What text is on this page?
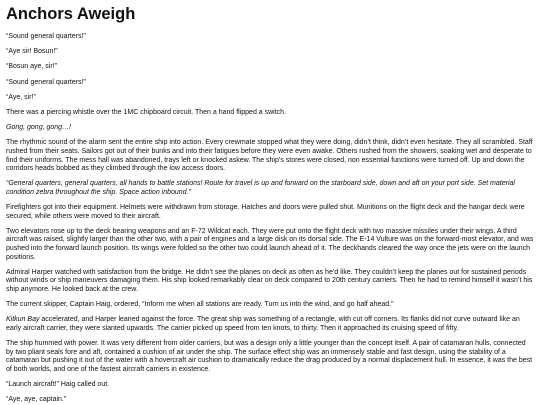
Anchors Aweigh

“Sound general quarters!”

“Aye sir! Bosun!”

“Bosun aye, sir!”

“Sound general quarters!”

“Aye, sir!”

There was a piercing whistle over the 1MC chipboard circuit. Then a hand flipped a switch.

Gong, gong, gong…!

The rhythmic sound of the alarm sent the entire ship into action. Every crewmate stopped what they were doing, didn’t think, didn’t even hesitate. They all scrambled. Staff rushed from their seats. Sailors got out of their bunks and into their fatigues before they were even awake. Others rushed from the showers, soaking wet and desperate to find their uniforms. The mess hall was abandoned, trays left or knocked askew. The ship’s stores were closed, non essential functions were turned off. Up and down the corridors heads bobbed as they climbed through the low access doors.

“General quarters, general quarters, all hands to battle stations! Route for travel is up and forward on the starboard side, down and aft on your port side. Set material condition zebra throughout the ship. Space action inbound.”

Firefighters got into their equipment. Helmets were withdrawn from storage. Hatches and doors were pulled shut. Munitions on the flight deck and the hangar deck were secured, while others were moved to their aircraft.

Two elevators rose up to the deck bearing weapons and an F-72 Wildcat each. They were put onto the flight deck with two massive missiles under their wings. A third aircraft was raised, slightly larger than the other two, with a pair of engines and a large disk on its dorsal side. The E-14 Vulture was on the forward-most elevator, and was pushed into the forward launch position. Its wings were folded so the other two could launch ahead of it. The deckhands cleared the way once the jets were on the launch positions.

Admiral Harper watched with satisfaction from the bridge. He didn’t see the planes on deck as often as he’d like. They couldn’t keep the planes out for sustained periods without winds or ship maneuvers damaging them. His ship looked remarkably clear on deck compared to 20th century carriers. Then he had to remind himself it wasn’t his ship anymore. He looked back at the crew.

The current skipper, Captain Haig, ordered, “Inform me when all stations are ready. Turn us into the wind, and go half ahead.”

Kitkun Bay accelerated, and Harper leaned against the force. The great ship was something of a rectangle, with cut off corners. Its flanks did not curve outward like an early aircraft carrier, they were slanted upwards. The carrier picked up speed from ten knots, to thirty. Then it approached its cruising speed of fifty.

The ship hummed with power. It was very different from older carriers, but was a design only a little younger than the concept itself. A pair of catamaran hulls, connected by two pliant seals fore and aft, contained a cushion of air under the ship. The surface effect ship was an immensely stable and fast design, using the stability of a catamaran but pushing it out of the water with a hovercraft air cushion to dramatically reduce the drag produced by a normal displacement hull. In essence, it was the best of both worlds, and one of the fastest aircraft carriers in existence.

“Launch aircraft!” Haig called out.

“Aye, aye, captain.”
